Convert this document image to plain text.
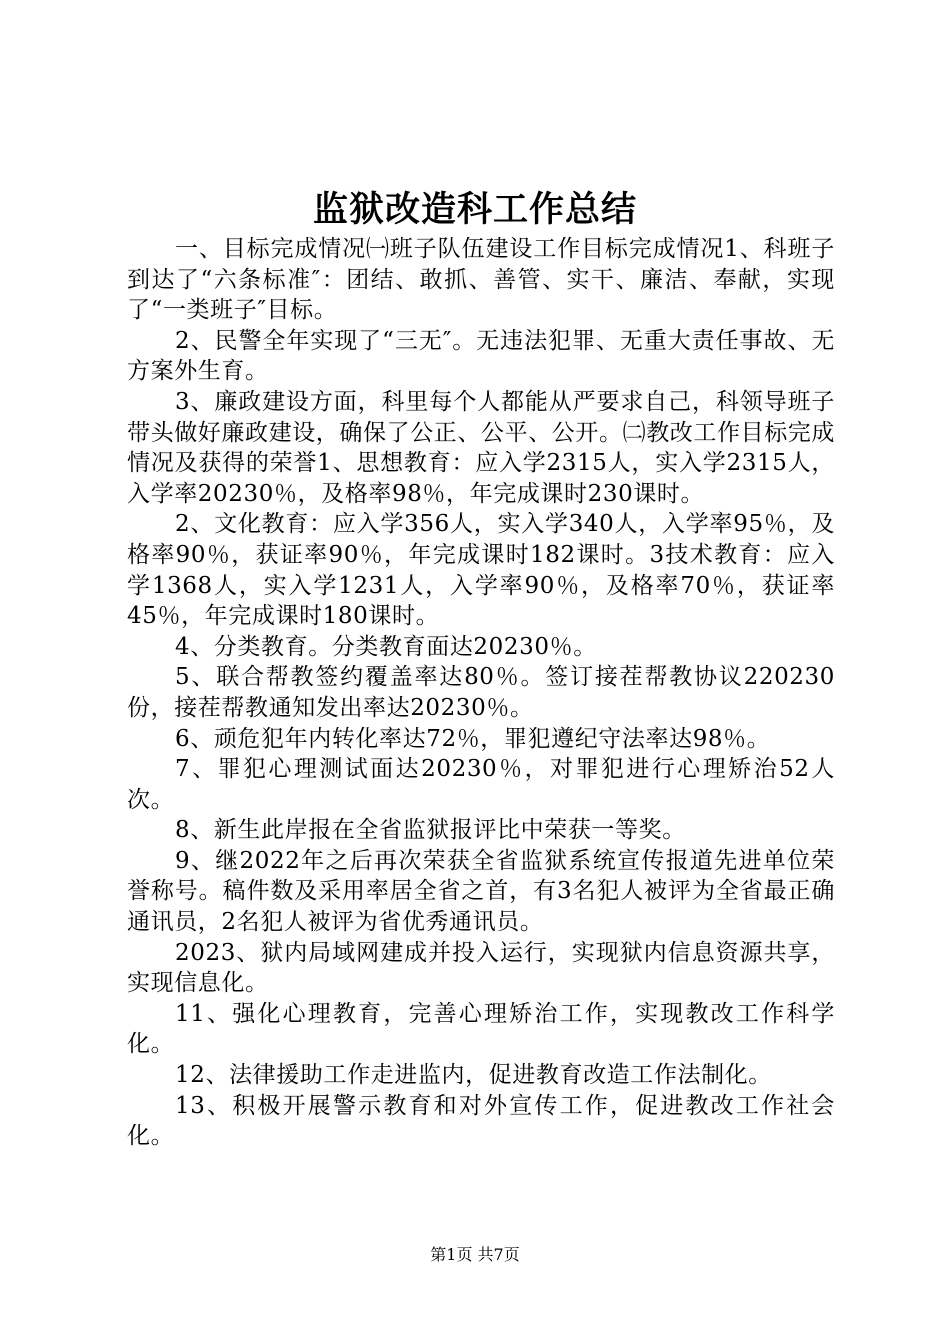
监狱改造科工作总结

一、目标完成情况㈠班子队伍建设工作目标完成情况1、科班子到达了“六条标准″：团结、敢抓、善管、实干、廉洁、奉献，实现了“一类班子″目标。

2、民警全年实现了“三无″。无违法犯罪、无重大责任事故、无方案外生育。

3、廉政建设方面，科里每个人都能从严要求自己，科领导班子带头做好廉政建设，确保了公正、公平、公开。㈡教改工作目标完成情况及获得的荣誉1、思想教育：应入学2315人，实入学2315人，入学率20230％，及格率98％，年完成课时230课时。

2、文化教育：应入学356人，实入学340人，入学率95％，及格率90％，获证率90％，年完成课时182课时。3技术教育：应入学1368人，实入学1231人，入学率90％，及格率70％，获证率45％，年完成课时180课时。

4、分类教育。分类教育面达20230％。

5、联合帮教签约覆盖率达80％。签订接茬帮教协议220230份，接茬帮教通知发出率达20230％。

6、顽危犯年内转化率达72％，罪犯遵纪守法率达98％。

7、罪犯心理测试面达20230％，对罪犯进行心理矫治52人次。

8、新生此岸报在全省监狱报评比中荣获一等奖。

9、继2022年之后再次荣获全省监狱系统宣传报道先进单位荣誉称号。稿件数及采用率居全省之首，有3名犯人被评为全省最正确通讯员，2名犯人被评为省优秀通讯员。

2023、狱内局域网建成并投入运行，实现狱内信息资源共享，实现信息化。

11、强化心理教育，完善心理矫治工作，实现教改工作科学化。

12、法律援助工作走进监内，促进教育改造工作法制化。

13、积极开展警示教育和对外宣传工作，促进教改工作社会化。

第1页 共7页
